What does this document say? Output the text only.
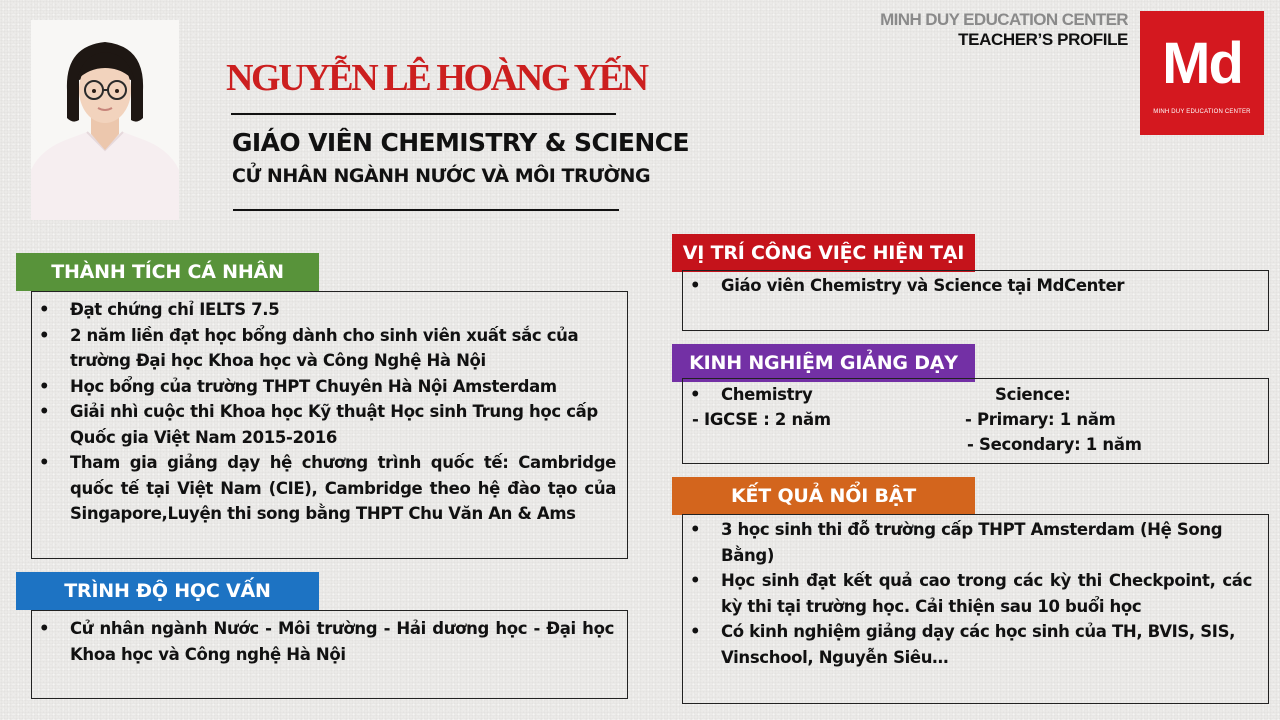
MINH DUY EDUCATION CENTER
TEACHER’S PROFILE Md
MINH DUY EDUCATION CENTER
NGUYỄN LÊ HOÀNG YẾN
GIÁO VIÊN CHEMISTRY & SCIENCE
CỬ NHÂN NGÀNH NƯỚC VÀ MÔI TRƯỜNG
THÀNH TÍCH CÁ NHÂN
• Đạt chứng chỉ IELTS 7.5
• 2 năm liền đạt học bổng dành cho sinh viên xuất sắc của trường Đại học Khoa học và Công Nghệ Hà Nội
• Học bổng của trường THPT Chuyên Hà Nội Amsterdam
• Giải nhì cuộc thi Khoa học Kỹ thuật Học sinh Trung học cấp Quốc gia Việt Nam 2015-2016
• Tham gia giảng dạy hệ chương trình quốc tế: Cambridge quốc tế tại Việt Nam (CIE), Cambridge theo hệ đào tạo của Singapore,Luyện thi song bằng THPT Chu Văn An & Ams
TRÌNH ĐỘ HỌC VẤN
• Cử nhân ngành Nước - Môi trường - Hải dương học - Đại học Khoa học và Công nghệ Hà Nội
VỊ TRÍ CÔNG VIỆC HIỆN TẠI
• Giáo viên Chemistry và Science tại MdCenter
KINH NGHIỆM GIẢNG DẠY
• Chemistry
- IGCSE : 2 năm
Science:
- Primary: 1 năm
- Secondary: 1 năm
KẾT QUẢ NỔI BẬT
• 3 học sinh thi đỗ trường cấp THPT Amsterdam (Hệ Song Bằng)
• Học sinh đạt kết quả cao trong các kỳ thi Checkpoint, các kỳ thi tại trường học. Cải thiện sau 10 buổi học
• Có kinh nghiệm giảng dạy các học sinh của TH, BVIS, SIS, Vinschool, Nguyễn Siêu…
